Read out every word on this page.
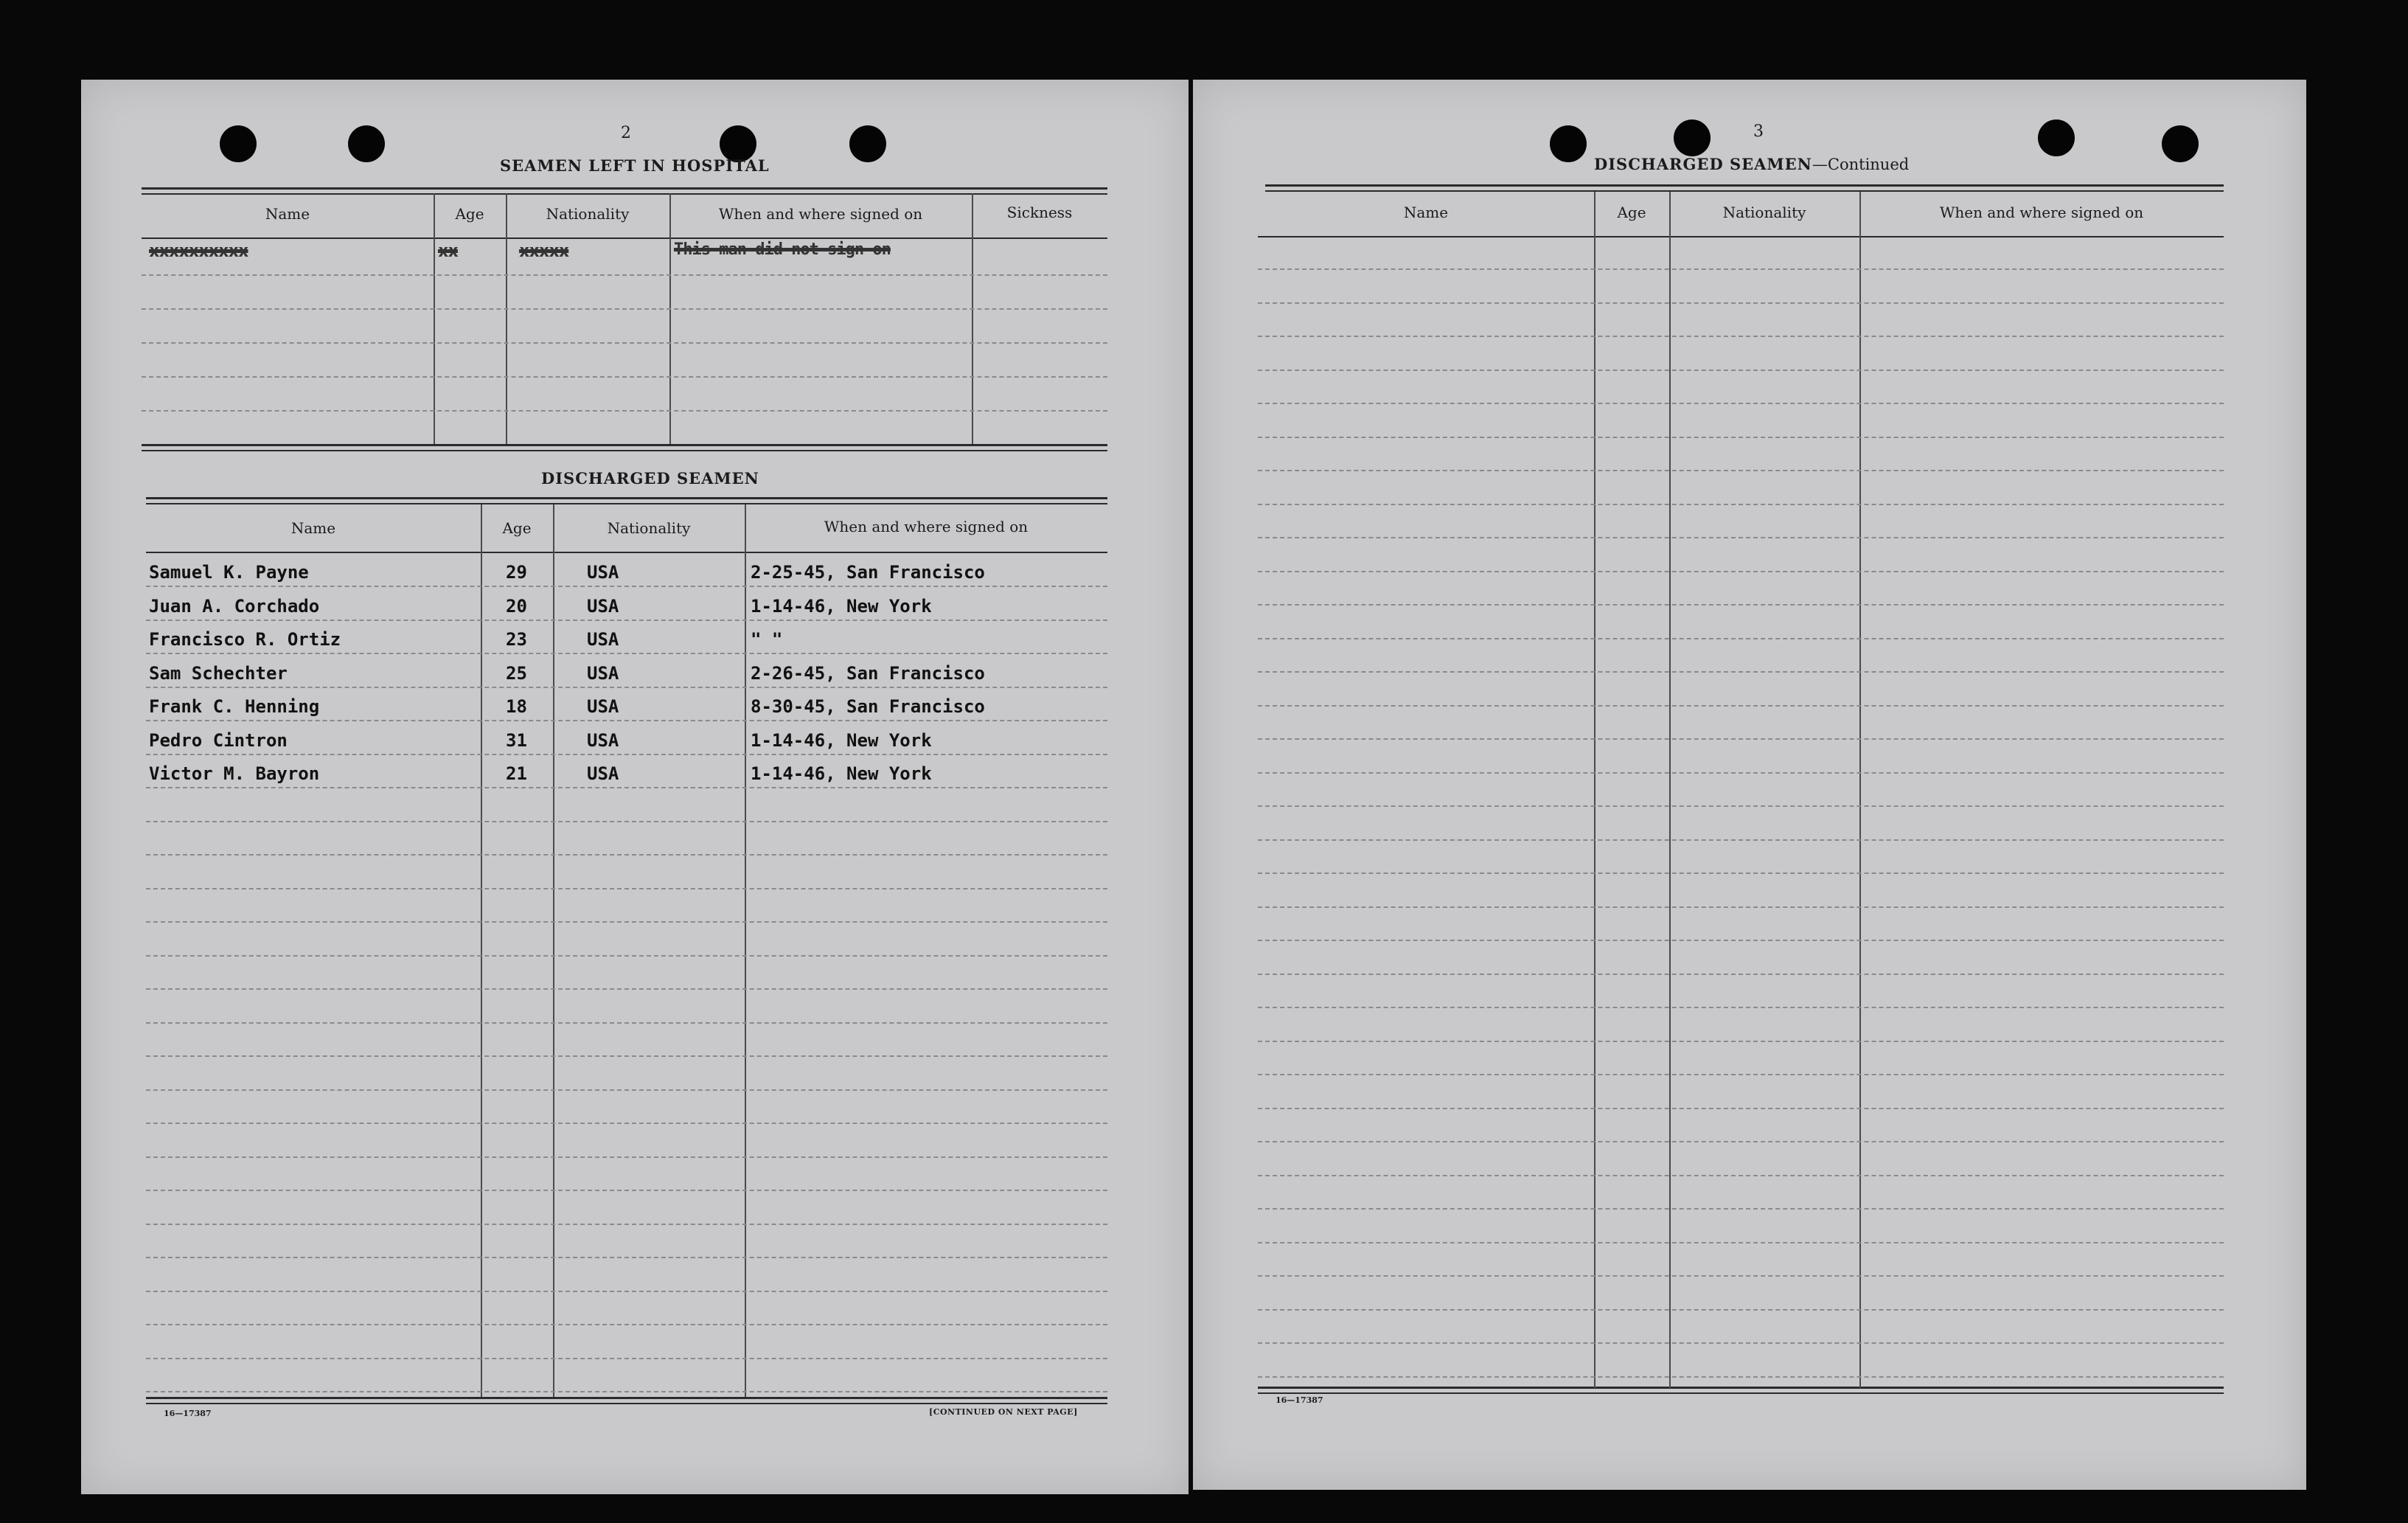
2
SEAMEN LEFT IN HOSPITAL
Name	Age	Nationality	When and where signed on	Sickness
xxxxxxxxxx	xx	xxxxx	This man did not sign on
DISCHARGED SEAMEN
Name	Age	Nationality	When and where signed on
Samuel K. Payne	29	USA	2-25-45, San Francisco
Juan A. Corchado	20	USA	1-14-46, New York
Francisco R. Ortiz	23	USA	" "
Sam Schechter	25	USA	2-26-45, San Francisco
Frank C. Henning	18	USA	8-30-45, San Francisco
Pedro Cintron	31	USA	1-14-46, New York
Victor M. Bayron	21	USA	1-14-46, New York
16—17387	[CONTINUED ON NEXT PAGE]
3
DISCHARGED SEAMEN—Continued
Name	Age	Nationality	When and where signed on
16—17387
